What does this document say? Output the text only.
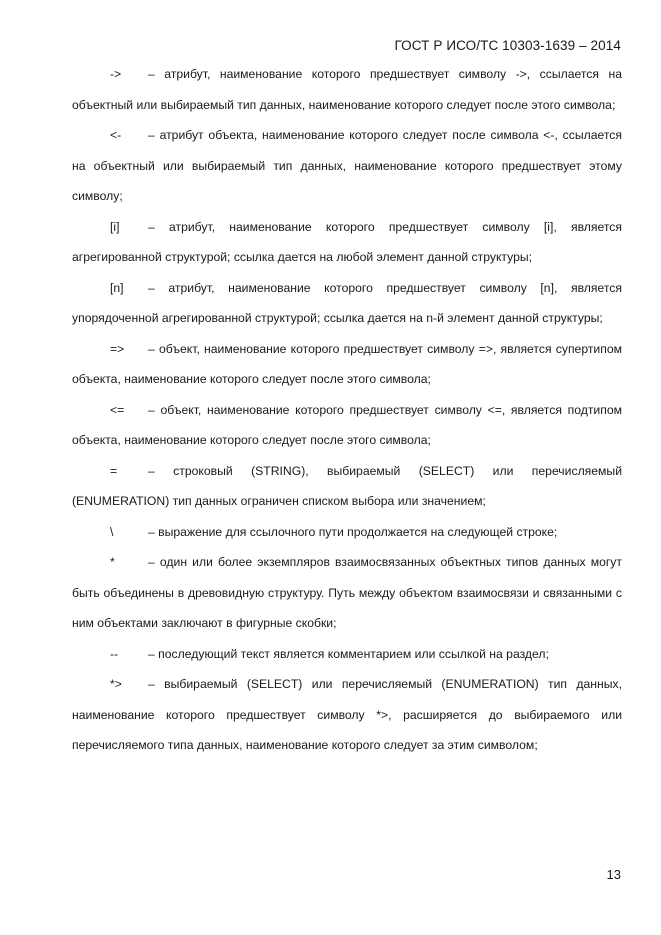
ГОСТ Р ИСО/ТС 10303-1639 – 2014

-> – атрибут, наименование которого предшествует символу ->, ссылается на объектный или выбираемый тип данных, наименование которого следует после этого символа;

<- – атрибут объекта, наименование которого следует после символа <-, ссылается на объектный или выбираемый тип данных, наименование которого предшествует этому символу;

[i] – атрибут, наименование которого предшествует символу [i], является агрегированной структурой; ссылка дается на любой элемент данной структуры;

[n] – атрибут, наименование которого предшествует символу [n], является упорядоченной агрегированной структурой; ссылка дается на n-й элемент данной структуры;

=> – объект, наименование которого предшествует символу =>, является супертипом объекта, наименование которого следует после этого символа;

<= – объект, наименование которого предшествует символу <=, является подтипом объекта, наименование которого следует после этого символа;

=	– строковый (STRING), выбираемый (SELECT) или перечисляемый (ENUMERATION) тип данных ограничен списком выбора или значением;

\	– выражение для ссылочного пути продолжается на следующей строке;

*	– один или более экземпляров взаимосвязанных объектных типов данных могут быть объединены в древовидную структуру. Путь между объектом взаимосвязи и связанными с ним объектами заключают в фигурные скобки;

-- – последующий текст является комментарием или ссылкой на раздел;

*> – выбираемый (SELECT) или перечисляемый (ENUMERATION) тип данных, наименование которого предшествует символу *>, расширяется до выбираемого или перечисляемого типа данных, наименование которого следует за этим символом;

13
